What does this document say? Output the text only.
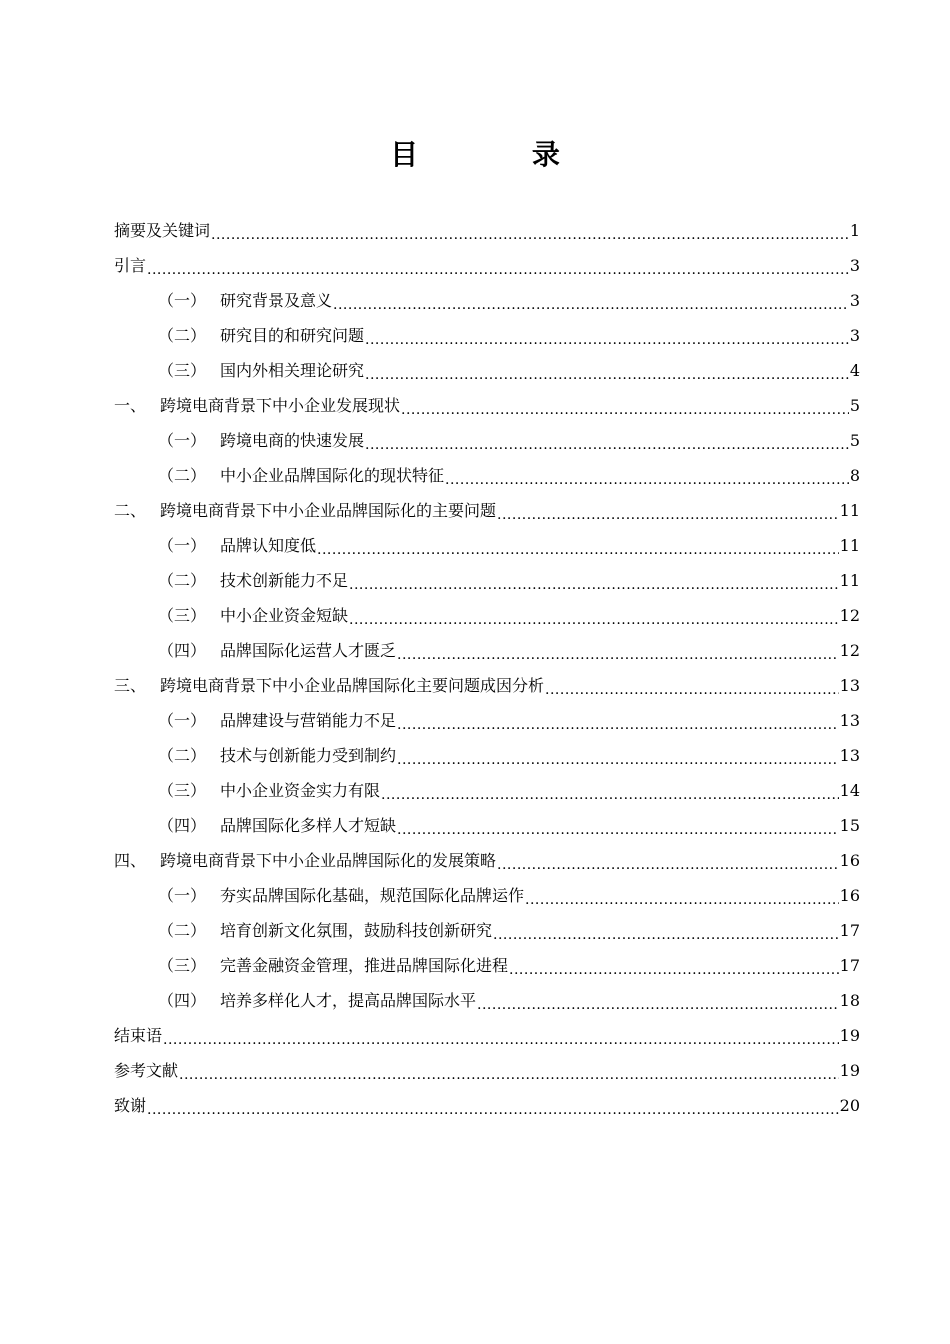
目 录
摘要及关键词 .....	1
引言 .....	3
（一） 研究背景及意义 .....	3
（二） 研究目的和研究问题 .....	3
（三） 国内外相关理论研究 .....	4
一、 跨境电商背景下中小企业发展现状 .....	5
（一） 跨境电商的快速发展 .....	5
（二） 中小企业品牌国际化的现状特征 .....	8
二、 跨境电商背景下中小企业品牌国际化的主要问题 .....	11
（一） 品牌认知度低 .....	11
（二） 技术创新能力不足 .....	11
（三） 中小企业资金短缺 .....	12
（四） 品牌国际化运营人才匮乏 .....	12
三、 跨境电商背景下中小企业品牌国际化主要问题成因分析 .....	13
（一） 品牌建设与营销能力不足 .....	13
（二） 技术与创新能力受到制约 .....	13
（三） 中小企业资金实力有限 .....	14
（四） 品牌国际化多样人才短缺 .....	15
四、 跨境电商背景下中小企业品牌国际化的发展策略 .....	16
（一） 夯实品牌国际化基础，规范国际化品牌运作 .....	16
（二） 培育创新文化氛围，鼓励科技创新研究 .....	17
（三） 完善金融资金管理，推进品牌国际化进程 .....	17
（四） 培养多样化人才，提高品牌国际水平 .....	18
结束语 .....	19
参考文献 .....	19
致谢 .....	20
